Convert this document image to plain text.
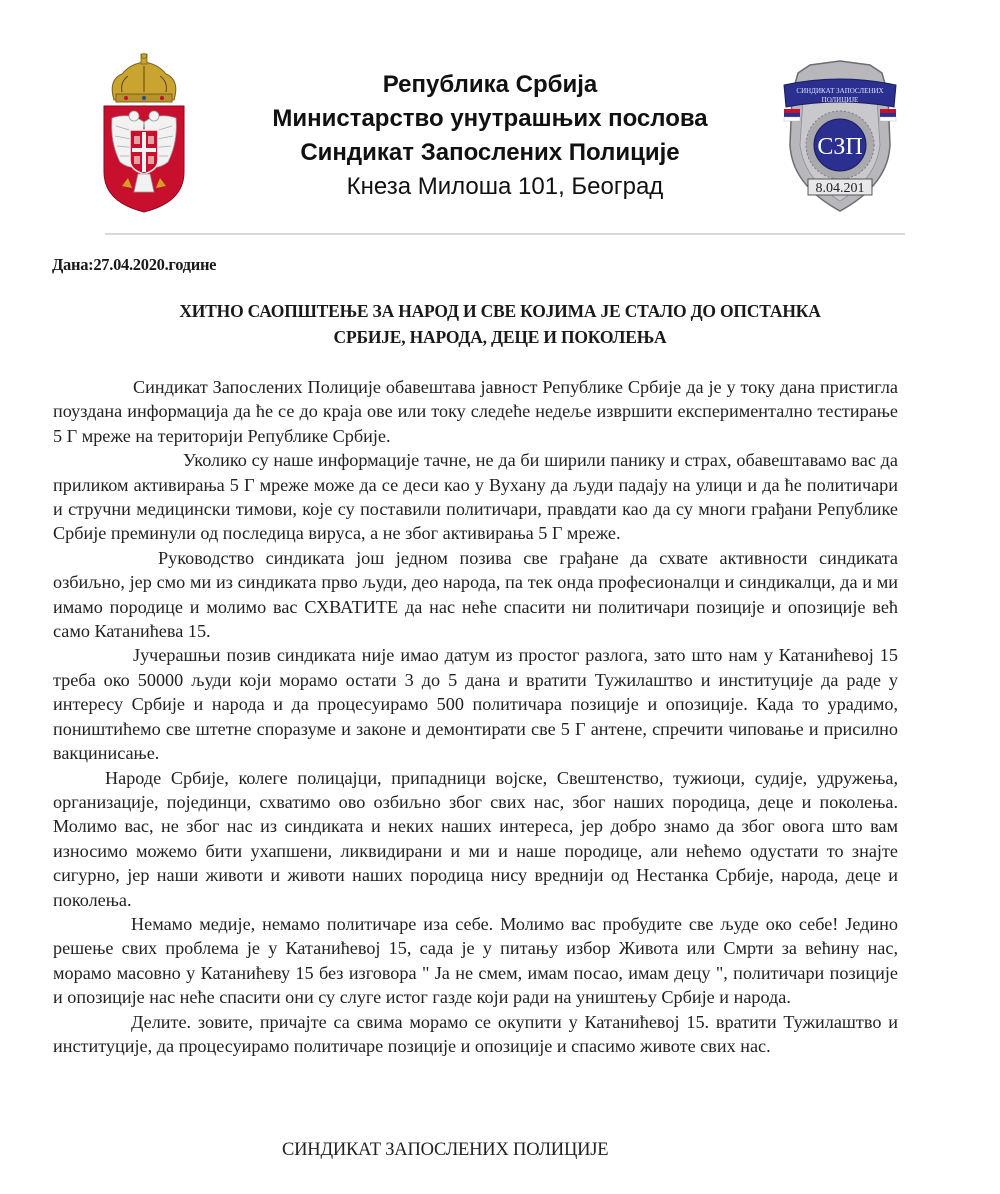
Република Србија
Министарство унутрашњих послова
Синдикат Запослених Полиције
Кнеза Милоша 101, Београд
СИНДИКАТ ЗАПОСЛЕНИХ
ПОЛИЦИЈЕ
СЗП
8.04.201
Дана:27.04.2020.године
ХИТНО САОПШТЕЊЕ ЗА НАРОД И СВЕ КОЈИМА ЈЕ СТАЛО ДО ОПСТАНКА
СРБИЈЕ, НАРОДА, ДЕЦЕ И ПОКОЛЕЊА

Синдикат Запослених Полиције обавештава јавност Републике Србије да је у току дана пристигла поуздана информација да ће се до краја ове или току следеће недеље извршити експериментално тестирање 5 Г мреже на територији Републике Србије.

Уколико су наше информације тачне, не да би ширили панику и страх, обавештавамо вас да приликом активирања 5 Г мреже може да се деси као у Вухану да људи падају на улици и да ће политичари и стручни медицински тимови, које су поставили политичари, правдати као да су многи грађани Републике Србије преминули од последица вируса, а не због активирања 5 Г мреже.

Руководство синдиката још једном позива све грађане да схвате активности синдиката озбиљно, јер смо ми из синдиката прво људи, део народа, па тек онда професионалци и синдикалци, да и ми имамо породице и молимо вас СХВАТИТЕ да нас неће спасити ни политичари позиције и опозиције већ само Катанићева 15.

Јучерашњи позив синдиката није имао датум из простог разлога, зато што нам у Катанићевој 15 треба око 50000 људи који морамо остати 3 до 5 дана и вратити Тужилаштво и институције да раде у интересу Србије и народа и да процесуирамо 500 политичара позиције и опозиције. Када то урадимо, поништићемо све штетне споразуме и законе и демонтирати све 5 Г антене, спречити чиповање и присилно вакцинисање.

Народе Србије, колеге полицајци, припадници војске, Свештенство, тужиоци, судије, удружења, организације, појединци, схватимо ово озбиљно због свих нас, због наших породица, деце и поколења. Молимо вас, не због нас из синдиката и неких наших интереса, јер добро знамо да због овога што вам износимо можемо бити ухапшени, ликвидирани и ми и наше породице, али нећемо одустати то знајте сигурно, јер наши животи и животи наших породица нису вреднији од Нестанка Србије, народа, деце и поколења.

Немамо медије, немамо политичаре иза себе. Молимо вас пробудите све људе око себе! Једино решење свих проблема је у Катанићевој 15, сада је у питању избор Живота или Смрти за већину нас, морамо масовно у Катанићеву 15 без изговора " Ја не смем, имам посао, имам децу ", политичари позиције и опозиције нас неће спасити они су слуге истог газде који ради на уништењу Србије и народа.

Делите. зовите, причајте са свима морамо се окупити у Катанићевој 15. вратити Тужилаштво и институције, да процесуирамо политичаре позиције и опозиције и спасимо животе свих нас.

СИНДИКАТ ЗАПОСЛЕНИХ ПОЛИЦИЈЕ
